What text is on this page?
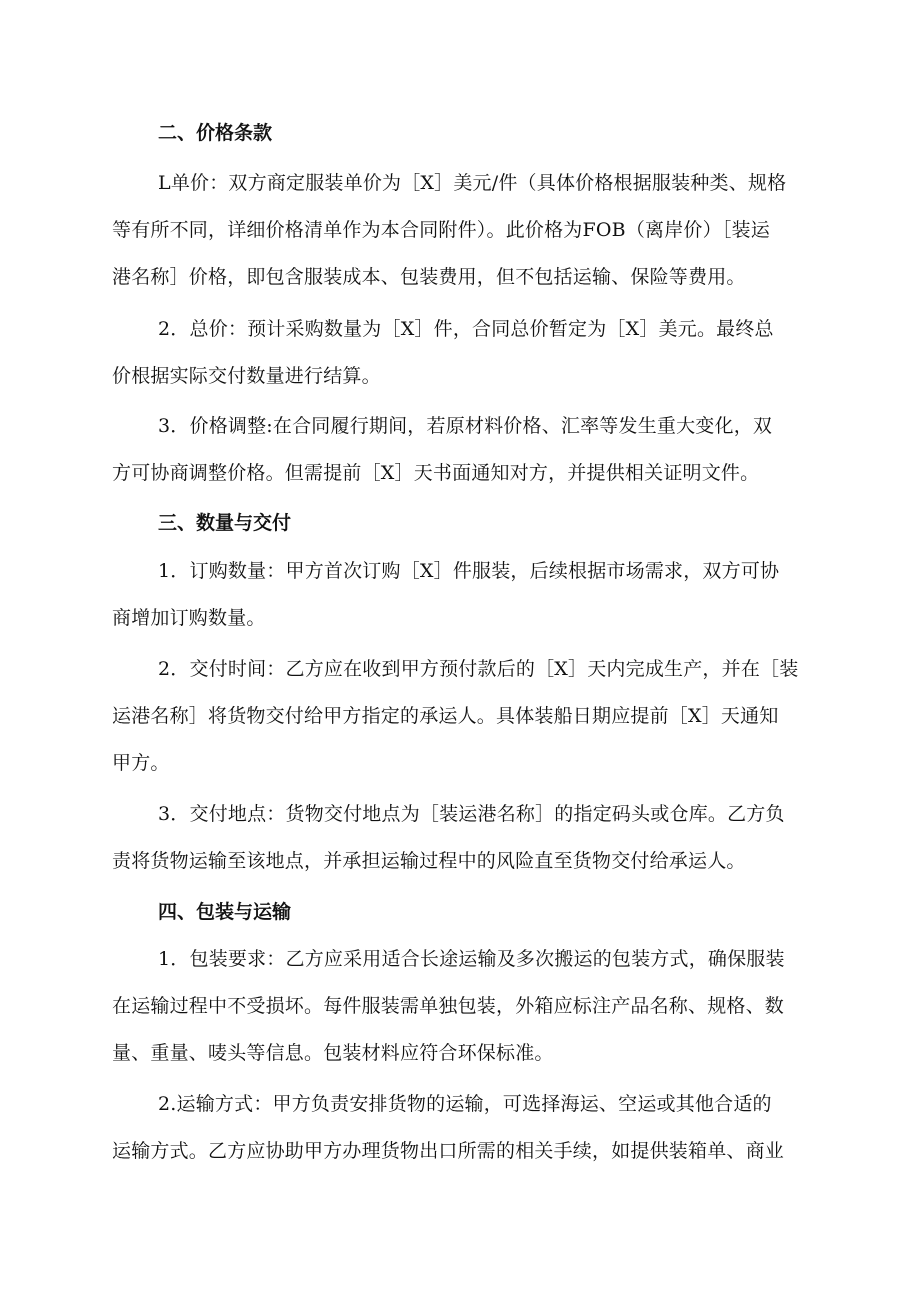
二、价格条款
L单价：双方商定服装单价为［X］美元/件（具体价格根据服装种类、规格
等有所不同，详细价格清单作为本合同附件）。此价格为FOB（离岸价）［装运
港名称］价格，即包含服装成本、包装费用，但不包括运输、保险等费用。
2．总价：预计采购数量为［X］件，合同总价暂定为［X］美元。最终总
价根据实际交付数量进行结算。
3．价格调整:在合同履行期间，若原材料价格、汇率等发生重大变化，双
方可协商调整价格。但需提前［X］天书面通知对方，并提供相关证明文件。
三、数量与交付
1．订购数量：甲方首次订购［X］件服装，后续根据市场需求，双方可协
商增加订购数量。
2．交付时间：乙方应在收到甲方预付款后的［X］天内完成生产，并在［装
运港名称］将货物交付给甲方指定的承运人。具体装船日期应提前［X］天通知
甲方。
3．交付地点：货物交付地点为［装运港名称］的指定码头或仓库。乙方负
责将货物运输至该地点，并承担运输过程中的风险直至货物交付给承运人。
四、包装与运输
1．包装要求：乙方应采用适合长途运输及多次搬运的包装方式，确保服装
在运输过程中不受损坏。每件服装需单独包装，外箱应标注产品名称、规格、数
量、重量、唛头等信息。包装材料应符合环保标准。
2.运输方式：甲方负责安排货物的运输，可选择海运、空运或其他合适的
运输方式。乙方应协助甲方办理货物出口所需的相关手续，如提供装箱单、商业
